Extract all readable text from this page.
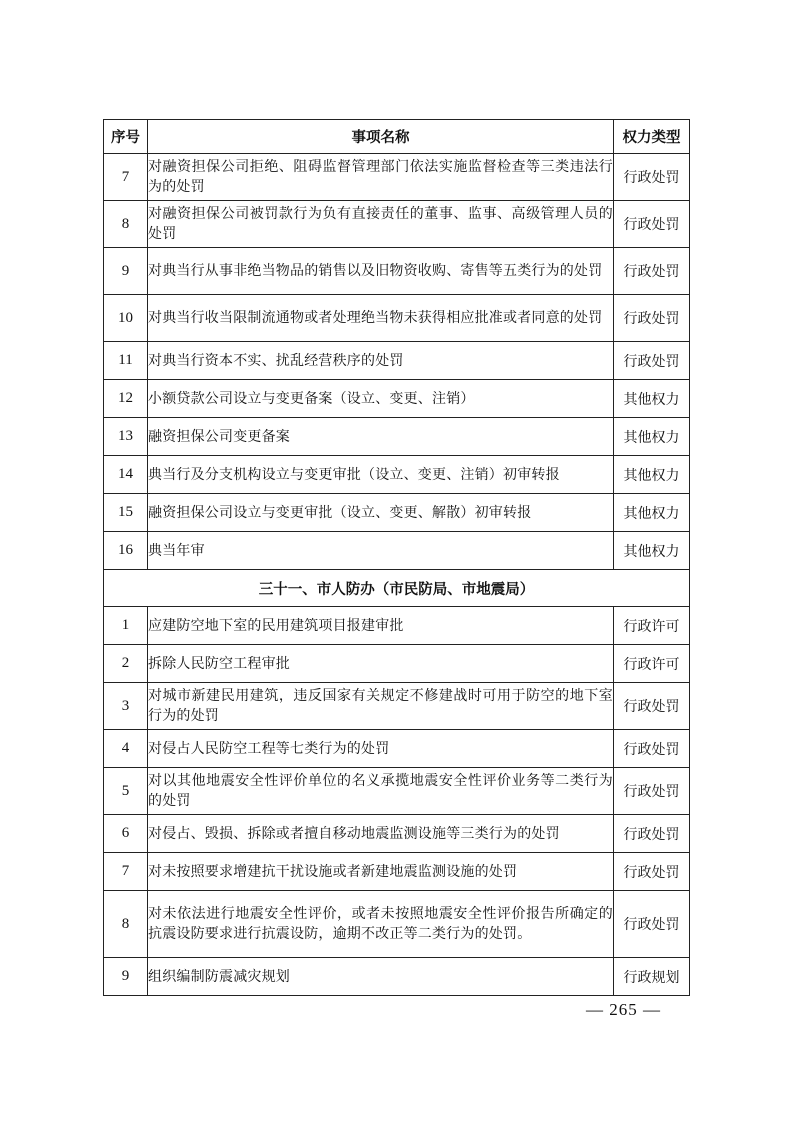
序号	事项名称	权力类型
7	对融资担保公司拒绝、阻碍监督管理部门依法实施监督检查等三类违法行为的处罚	行政处罚
8	对融资担保公司被罚款行为负有直接责任的董事、监事、高级管理人员的处罚	行政处罚
9	对典当行从事非绝当物品的销售以及旧物资收购、寄售等五类行为的处罚	行政处罚
10	对典当行收当限制流通物或者处理绝当物未获得相应批准或者同意的处罚	行政处罚
11	对典当行资本不实、扰乱经营秩序的处罚	行政处罚
12	小额贷款公司设立与变更备案（设立、变更、注销）	其他权力
13	融资担保公司变更备案	其他权力
14	典当行及分支机构设立与变更审批（设立、变更、注销）初审转报	其他权力
15	融资担保公司设立与变更审批（设立、变更、解散）初审转报	其他权力
16	典当年审	其他权力
三十一、市人防办（市民防局、市地震局）		
1	应建防空地下室的民用建筑项目报建审批	行政许可
2	拆除人民防空工程审批	行政许可
3	对城市新建民用建筑，违反国家有关规定不修建战时可用于防空的地下室行为的处罚	行政处罚
4	对侵占人民防空工程等七类行为的处罚	行政处罚
5	对以其他地震安全性评价单位的名义承揽地震安全性评价业务等二类行为的处罚	行政处罚
6	对侵占、毁损、拆除或者擅自移动地震监测设施等三类行为的处罚	行政处罚
7	对未按照要求增建抗干扰设施或者新建地震监测设施的处罚	行政处罚
8	对未依法进行地震安全性评价，或者未按照地震安全性评价报告所确定的抗震设防要求进行抗震设防，逾期不改正等二类行为的处罚。	行政处罚
9	组织编制防震减灾规划	行政规划
— 265 —
